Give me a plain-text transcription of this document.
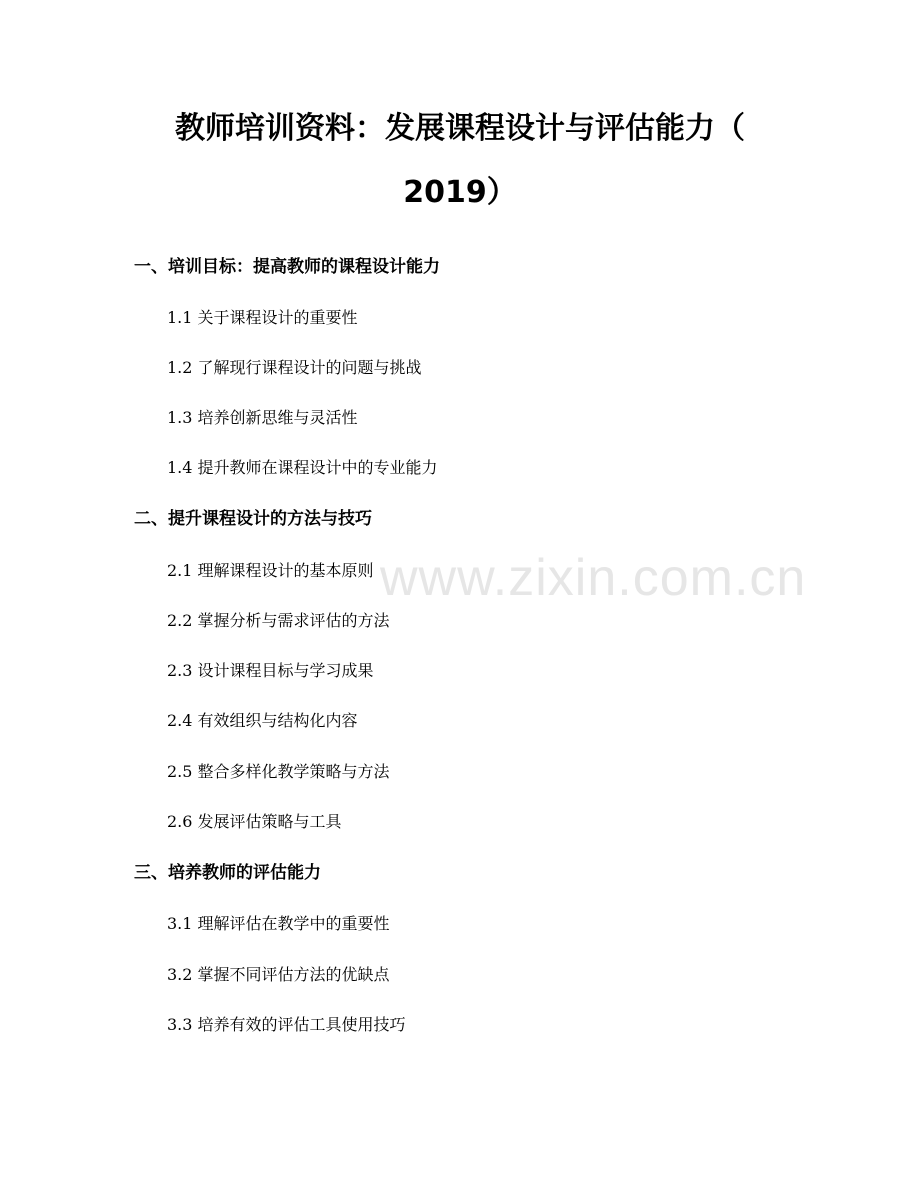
www.zixin.com.cn
教师培训资料：发展课程设计与评估能力（
2019）
一、培训目标：提高教师的课程设计能力
1.1 关于课程设计的重要性
1.2 了解现行课程设计的问题与挑战
1.3 培养创新思维与灵活性
1.4 提升教师在课程设计中的专业能力
二、提升课程设计的方法与技巧
2.1 理解课程设计的基本原则
2.2 掌握分析与需求评估的方法
2.3 设计课程目标与学习成果
2.4 有效组织与结构化内容
2.5 整合多样化教学策略与方法
2.6 发展评估策略与工具
三、培养教师的评估能力
3.1 理解评估在教学中的重要性
3.2 掌握不同评估方法的优缺点
3.3 培养有效的评估工具使用技巧
